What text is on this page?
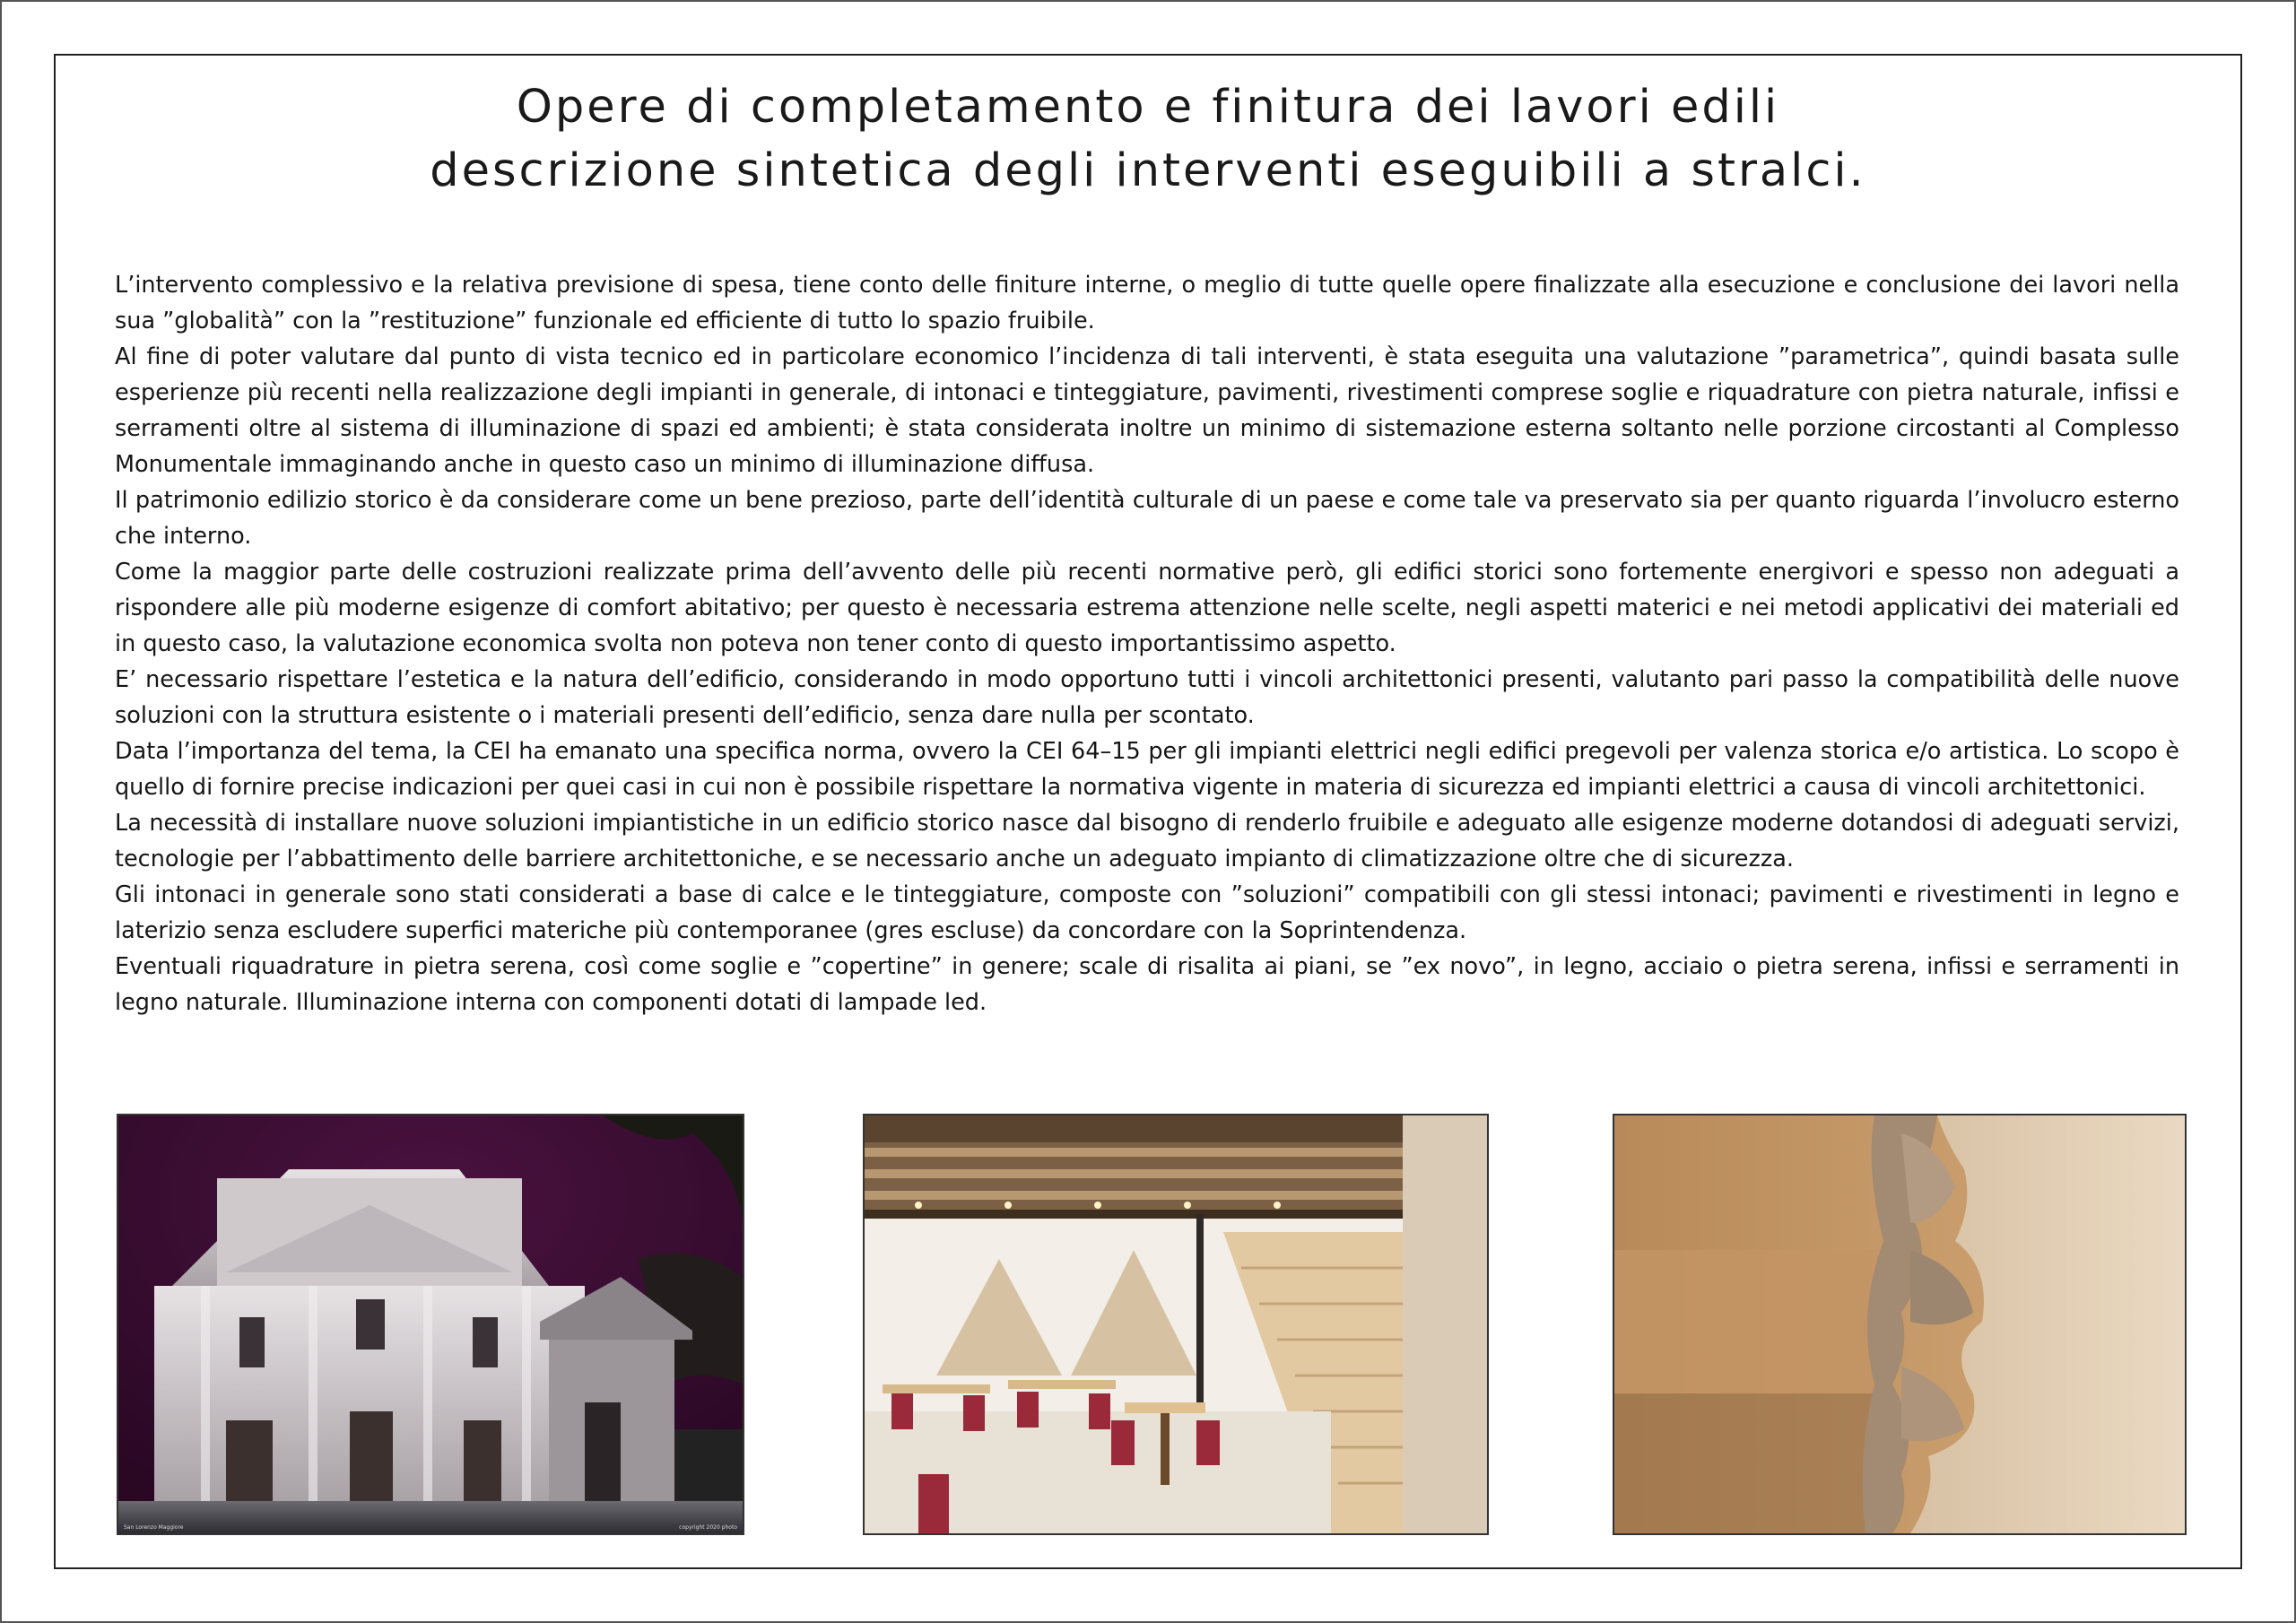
Opere di completamento e finitura dei lavori edili
descrizione sintetica degli interventi eseguibili a stralci.

L’intervento complessivo e la relativa previsione di spesa, tiene conto delle finiture interne, o meglio di tutte quelle opere finalizzate alla esecuzione e conclusione dei lavori nella sua ”globalità” con la ”restituzione” funzionale ed efficiente di tutto lo spazio fruibile.

Al fine di poter valutare dal punto di vista tecnico ed in particolare economico l’incidenza di tali interventi, è stata eseguita una valutazione ”parametrica”, quindi basata sulle esperienze più recenti nella realizzazione degli impianti in generale, di intonaci e tinteggiature, pavimenti, rivestimenti comprese soglie e riquadrature con pietra naturale, infissi e serramenti oltre al sistema di illuminazione di spazi ed ambienti; è stata considerata inoltre un minimo di sistemazione esterna soltanto nelle porzione circostanti al Complesso Monumentale immaginando anche in questo caso un minimo di illuminazione diffusa.

Il patrimonio edilizio storico è da considerare come un bene prezioso, parte dell’identità culturale di un paese e come tale va preservato sia per quanto riguarda l’involucro esterno che interno.

Come la maggior parte delle costruzioni realizzate prima dell’avvento delle più recenti normative però, gli edifici storici sono fortemente energivori e spesso non adeguati a rispondere alle più moderne esigenze di comfort abitativo; per questo è necessaria estrema attenzione nelle scelte, negli aspetti materici e nei metodi applicativi dei materiali ed in questo caso, la valutazione economica svolta non poteva non tener conto di questo importantissimo aspetto.

E’ necessario rispettare l’estetica e la natura dell’edificio, considerando in modo opportuno tutti i vincoli architettonici presenti, valutanto pari passo la compatibilità delle nuove soluzioni con la struttura esistente o i materiali presenti dell’edificio, senza dare nulla per scontato.

Data l’importanza del tema, la CEI ha emanato una specifica norma, ovvero la CEI 64–15 per gli impianti elettrici negli edifici pregevoli per valenza storica e/o artistica. Lo scopo è quello di fornire precise indicazioni per quei casi in cui non è possibile rispettare la normativa vigente in materia di sicurezza ed impianti elettrici a causa di vincoli architettonici.

La necessità di installare nuove soluzioni impiantistiche in un edificio storico nasce dal bisogno di renderlo fruibile e adeguato alle esigenze moderne dotandosi di adeguati servizi, tecnologie per l’abbattimento delle barriere architettoniche, e se necessario anche un adeguato impianto di climatizzazione oltre che di sicurezza.

Gli intonaci in generale sono stati considerati a base di calce e le tinteggiature, composte con ”soluzioni” compatibili con gli stessi intonaci; pavimenti e rivestimenti in legno e laterizio senza escludere superfici materiche più contemporanee (gres escluse) da concordare con la Soprintendenza.

Eventuali riquadrature in pietra serena, così come soglie e ”copertine” in genere; scale di risalita ai piani, se ”ex novo”, in legno, acciaio o pietra serena, infissi e serramenti in legno naturale. Illuminazione interna con componenti dotati di lampade led.

San Lorenzo Maggiore	copyright 2020 photo
